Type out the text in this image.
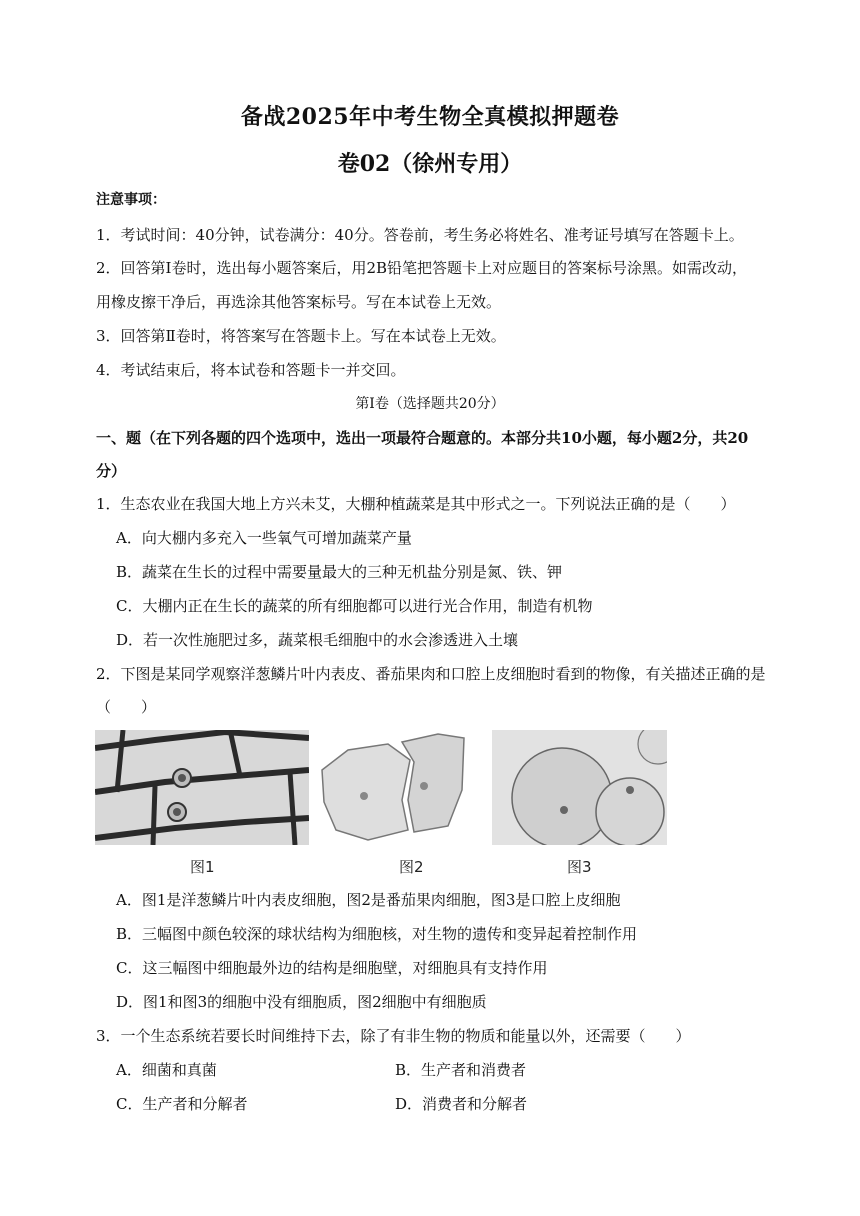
备战2025年中考生物全真模拟押题卷
卷02（徐州专用）
注意事项：
1．考试时间：40分钟，试卷满分：40分。答卷前，考生务必将姓名、准考证号填写在答题卡上。
2．回答第Ⅰ卷时，选出每小题答案后，用2B铅笔把答题卡上对应题目的答案标号涂黑。如需改动，
用橡皮擦干净后，再选涂其他答案标号。写在本试卷上无效。
3．回答第Ⅱ卷时，将答案写在答题卡上。写在本试卷上无效。
4．考试结束后，将本试卷和答题卡一并交回。
第Ⅰ卷（选择题共20分）
一、题（在下列各题的四个选项中，选出一项最符合题意的。本部分共10小题，每小题2分，共20
分）
1．生态农业在我国大地上方兴未艾，大棚种植蔬菜是其中形式之一。下列说法正确的是（　　）
A．向大棚内多充入一些氧气可增加蔬菜产量
B．蔬菜在生长的过程中需要量最大的三种无机盐分别是氮、铁、钾
C．大棚内正在生长的蔬菜的所有细胞都可以进行光合作用，制造有机物
D．若一次性施肥过多，蔬菜根毛细胞中的水会渗透进入土壤
2．下图是某同学观察洋葱鳞片叶内表皮、番茄果肉和口腔上皮细胞时看到的物像，有关描述正确的是
（　　）
图1	图2	图3
A．图1是洋葱鳞片叶内表皮细胞，图2是番茄果肉细胞，图3是口腔上皮细胞
B．三幅图中颜色较深的球状结构为细胞核，对生物的遗传和变异起着控制作用
C．这三幅图中细胞最外边的结构是细胞壁，对细胞具有支持作用
D．图1和图3的细胞中没有细胞质，图2细胞中有细胞质
3．一个生态系统若要长时间维持下去，除了有非生物的物质和能量以外，还需要（　　）
A．细菌和真菌	B．生产者和消费者
C．生产者和分解者	D．消费者和分解者
